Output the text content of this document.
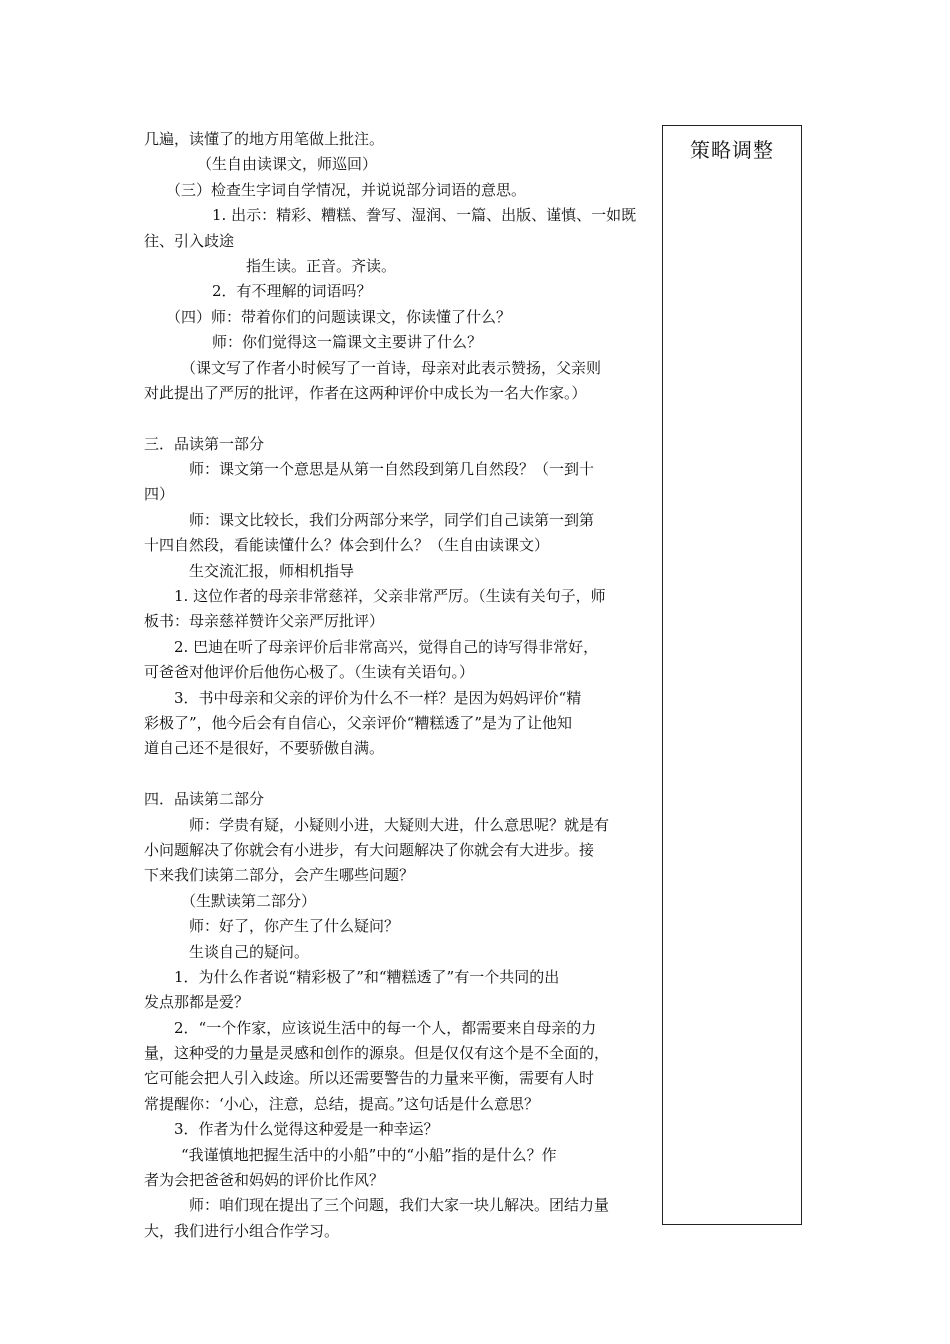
几遍，读懂了的地方用笔做上批注。
（生自由读课文，师巡回）
（三）检查生字词自学情况，并说说部分词语的意思。
1. 出示：精彩、糟糕、誊写、湿润、一篇、出版、谨慎、一如既
往、引入歧途
指生读。正音。齐读。
2．有不理解的词语吗？
（四）师：带着你们的问题读课文，你读懂了什么？
师：你们觉得这一篇课文主要讲了什么？
（课文写了作者小时候写了一首诗，母亲对此表示赞扬，父亲则
对此提出了严厉的批评，作者在这两种评价中成长为一名大作家。）
三．品读第一部分
师：课文第一个意思是从第一自然段到第几自然段？（一到十
四）
师：课文比较长，我们分两部分来学，同学们自己读第一到第
十四自然段，看能读懂什么？体会到什么？（生自由读课文）
生交流汇报，师相机指导
1. 这位作者的母亲非常慈祥，父亲非常严厉。（生读有关句子，师
板书：母亲慈祥赞许父亲严厉批评）
2. 巴迪在听了母亲评价后非常高兴，觉得自己的诗写得非常好，
可爸爸对他评价后他伤心极了。（生读有关语句。）
3．书中母亲和父亲的评价为什么不一样？是因为妈妈评价“精
彩极了”，他今后会有自信心，父亲评价“糟糕透了”是为了让他知
道自己还不是很好，不要骄傲自满。
四．品读第二部分
师：学贵有疑，小疑则小进，大疑则大进，什么意思呢？就是有
小问题解决了你就会有小进步，有大问题解决了你就会有大进步。接
下来我们读第二部分，会产生哪些问题？
（生默读第二部分）
师：好了，你产生了什么疑问？
生谈自己的疑问。
1．为什么作者说“精彩极了”和“糟糕透了”有一个共同的出
发点那都是爱？
2．“一个作家，应该说生活中的每一个人，都需要来自母亲的力
量，这种受的力量是灵感和创作的源泉。但是仅仅有这个是不全面的，
它可能会把人引入歧途。所以还需要警告的力量来平衡，需要有人时
常提醒你：‘小心，注意，总结，提高。”这句话是什么意思？
3．作者为什么觉得这种爱是一种幸运？
“我谨慎地把握生活中的小船”中的“小船”指的是什么？作
者为会把爸爸和妈妈的评价比作风？
师：咱们现在提出了三个问题，我们大家一块儿解决。团结力量
大，我们进行小组合作学习。
策略调整
